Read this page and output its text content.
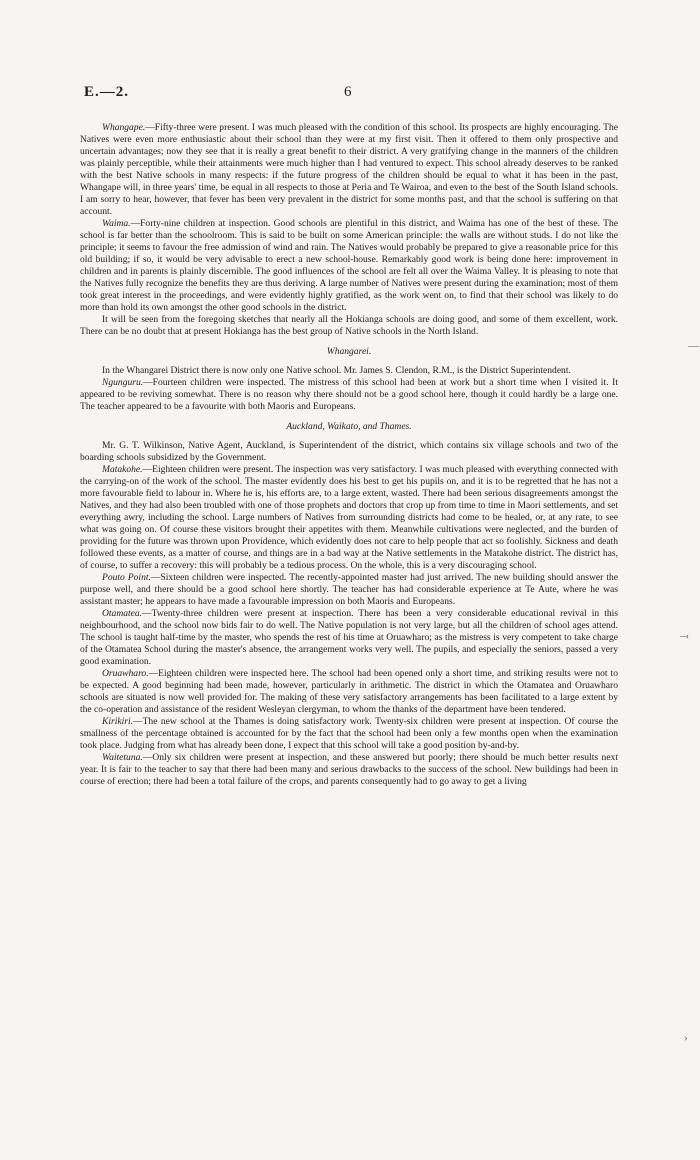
E.—2.	6

Whangape.—Fifty-three were present. I was much pleased with the condition of this school. Its prospects are highly encouraging. The Natives were even more enthusiastic about their school than they were at my first visit. Then it offered to them only prospective and uncertain advantages; now they see that it is really a great benefit to their district. A very gratifying change in the manners of the children was plainly perceptible, while their attainments were much higher than I had ventured to expect. This school already deserves to be ranked with the best Native schools in many respects: if the future progress of the children should be equal to what it has been in the past, Whangape will, in three years' time, be equal in all respects to those at Peria and Te Wairoa, and even to the best of the South Island schools. I am sorry to hear, however, that fever has been very prevalent in the district for some months past, and that the school is suffering on that account.

Waima.—Forty-nine children at inspection. Good schools are plentiful in this district, and Waima has one of the best of these. The school is far better than the schoolroom. This is said to be built on some American principle: the walls are without studs. I do not like the principle; it seems to favour the free admission of wind and rain. The Natives would probably be prepared to give a reasonable price for this old building; if so, it would be very advisable to erect a new school-house. Remarkably good work is being done here: improvement in children and in parents is plainly discernible. The good influences of the school are felt all over the Waima Valley. It is pleasing to note that the Natives fully recognize the benefits they are thus deriving. A large number of Natives were present during the examination; most of them took great interest in the proceedings, and were evidently highly gratified, as the work went on, to find that their school was likely to do more than hold its own amongst the other good schools in the district.

It will be seen from the foregoing sketches that nearly all the Hokianga schools are doing good, and some of them excellent, work. There can be no doubt that at present Hokianga has the best group of Native schools in the North Island.

Whangarei.

In the Whangarei District there is now only one Native school. Mr. James S. Clendon, R.M., is the District Superintendent.

Ngunguru.—Fourteen children were inspected. The mistress of this school had been at work but a short time when I visited it. It appeared to be reviving somewhat. There is no reason why there should not be a good school here, though it could hardly be a large one. The teacher appeared to be a favourite with both Maoris and Europeans.

Auckland, Waikato, and Thames.

Mr. G. T. Wilkinson, Native Agent, Auckland, is Superintendent of the district, which contains six village schools and two of the boarding schools subsidized by the Government.

Matakohe.—Eighteen children were present. The inspection was very satisfactory. I was much pleased with everything connected with the carrying-on of the work of the school. The master evidently does his best to get his pupils on, and it is to be regretted that he has not a more favourable field to labour in. Where he is, his efforts are, to a large extent, wasted. There had been serious disagreements amongst the Natives, and they had also been troubled with one of those prophets and doctors that crop up from time to time in Maori settlements, and set everything awry, including the school. Large numbers of Natives from surrounding districts had come to be healed, or, at any rate, to see what was going on. Of course these visitors brought their appetites with them. Meanwhile cultivations were neglected, and the burden of providing for the future was thrown upon Providence, which evidently does not care to help people that act so foolishly. Sickness and death followed these events, as a matter of course, and things are in a bad way at the Native settlements in the Matakohe district. The district has, of course, to suffer a recovery: this will probably be a tedious process. On the whole, this is a very discouraging school.

Pouto Point.—Sixteen children were inspected. The recently-appointed master had just arrived. The new building should answer the purpose well, and there should be a good school here shortly. The teacher has had considerable experience at Te Aute, where he was assistant master; he appears to have made a favourable impression on both Maoris and Europeans.

Otamatea.—Twenty-three children were present at inspection. There has been a very considerable educational revival in this neighbourhood, and the school now bids fair to do well. The Native population is not very large, but all the children of school ages attend. The school is taught half-time by the master, who spends the rest of his time at Oruawharo; as the mistress is very competent to take charge of the Otamatea School during the master's absence, the arrangement works very well. The pupils, and especially the seniors, passed a very good examination.

Oruawharo.—Eighteen children were inspected here. The school had been opened only a short time, and striking results were not to be expected. A good beginning had been made, however, particularly in arithmetic. The district in which the Otamatea and Oruawharo schools are situated is now well provided for. The making of these very satisfactory arrangements has been facilitated to a large extent by the co-operation and assistance of the resident Wesleyan clergyman, to whom the thanks of the department have been tendered.

Kirikiri.—The new school at the Thames is doing satisfactory work. Twenty-six children were present at inspection. Of course the smallness of the percentage obtained is accounted for by the fact that the school had been only a few months open when the examination took place. Judging from what has already been done, I expect that this school will take a good position by-and-by.

Waitetuna.—Only six children were present at inspection, and these answered but poorly; there should be much better results next year. It is fair to the teacher to say that there had been many and serious drawbacks to the success of the school. New buildings had been in course of erection; there had been a total failure of the crops, and parents consequently had to go away to get a living

—
–‹
›
